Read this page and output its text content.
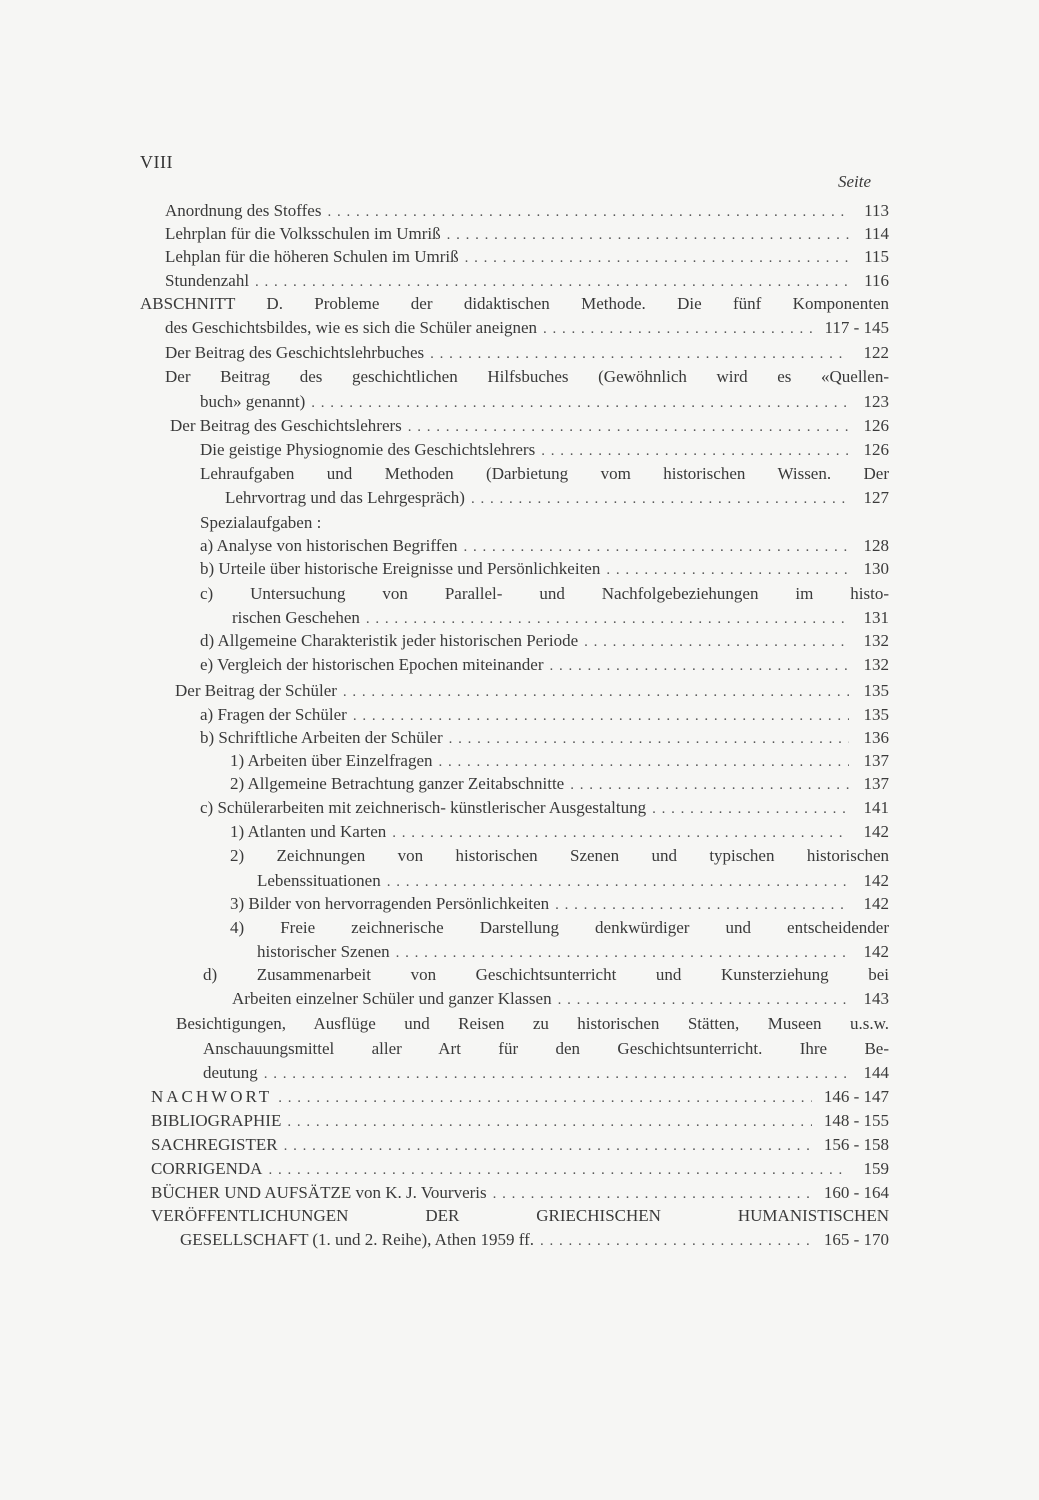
VIII
Seite
Anordnung des Stoffes . . .	113
Lehrplan für die Volksschulen im Umriß . . .	114
Lehplan für die höheren Schulen im Umriß . . .	115
Stundenzahl . . .	116
ABSCHNITT D. Probleme der didaktischen Methode. Die fünf Komponenten
des Geschichtsbildes, wie es sich die Schüler aneignen . . .	117 - 145
Der Beitrag des Geschichtslehrbuches . . .	122
Der Beitrag des geschichtlichen Hilfsbuches (Gewöhnlich wird es «Quellen-
buch» genannt) . . .	123
Der Beitrag des Geschichtslehrers . . .	126
Die geistige Physiognomie des Geschichtslehrers . . .	126
Lehraufgaben und Methoden (Darbietung vom historischen Wissen. Der
Lehrvortrag und das Lehrgespräch) . . .	127
Spezialaufgaben :
a) Analyse von historischen Begriffen . . .	128
b) Urteile über historische Ereignisse und Persönlichkeiten . . .	130
c) Untersuchung von Parallel- und Nachfolgebeziehungen im histo-
rischen Geschehen . . .	131
d) Allgemeine Charakteristik jeder historischen Periode . . .	132
e) Vergleich der historischen Epochen miteinander . . .	132
Der Beitrag der Schüler . . .	135
a) Fragen der Schüler . . .	135
b) Schriftliche Arbeiten der Schüler . . .	136
1) Arbeiten über Einzelfragen . . .	137
2) Allgemeine Betrachtung ganzer Zeitabschnitte . . .	137
c) Schülerarbeiten mit zeichnerisch- künstlerischer Ausgestaltung . . .	141
1) Atlanten und Karten . . .	142
2) Zeichnungen von historischen Szenen und typischen historischen
Lebenssituationen . . .	142
3) Bilder von hervorragenden Persönlichkeiten . . .	142
4) Freie zeichnerische Darstellung denkwürdiger und entscheidender
historischer Szenen . . .	142
d) Zusammenarbeit von Geschichtsunterricht und Kunsterziehung bei
Arbeiten einzelner Schüler und ganzer Klassen . . .	143
Besichtigungen, Ausflüge und Reisen zu historischen Stätten, Museen u.s.w.
Anschauungsmittel aller Art für den Geschichtsunterricht. Ihre Be-
deutung . . .	144
NACHWORT . . .	146 - 147
BIBLIOGRAPHIE . . .	148 - 155
SACHREGISTER . . .	156 - 158
CORRIGENDA . . .	159
BÜCHER UND AUFSÄTZE von K. J. Vourveris . . .	160 - 164
VERÖFFENTLICHUNGEN DER GRIECHISCHEN HUMANISTISCHEN
GESELLSCHAFT (1. und 2. Reihe), Athen 1959 ff. . . .	165 - 170
